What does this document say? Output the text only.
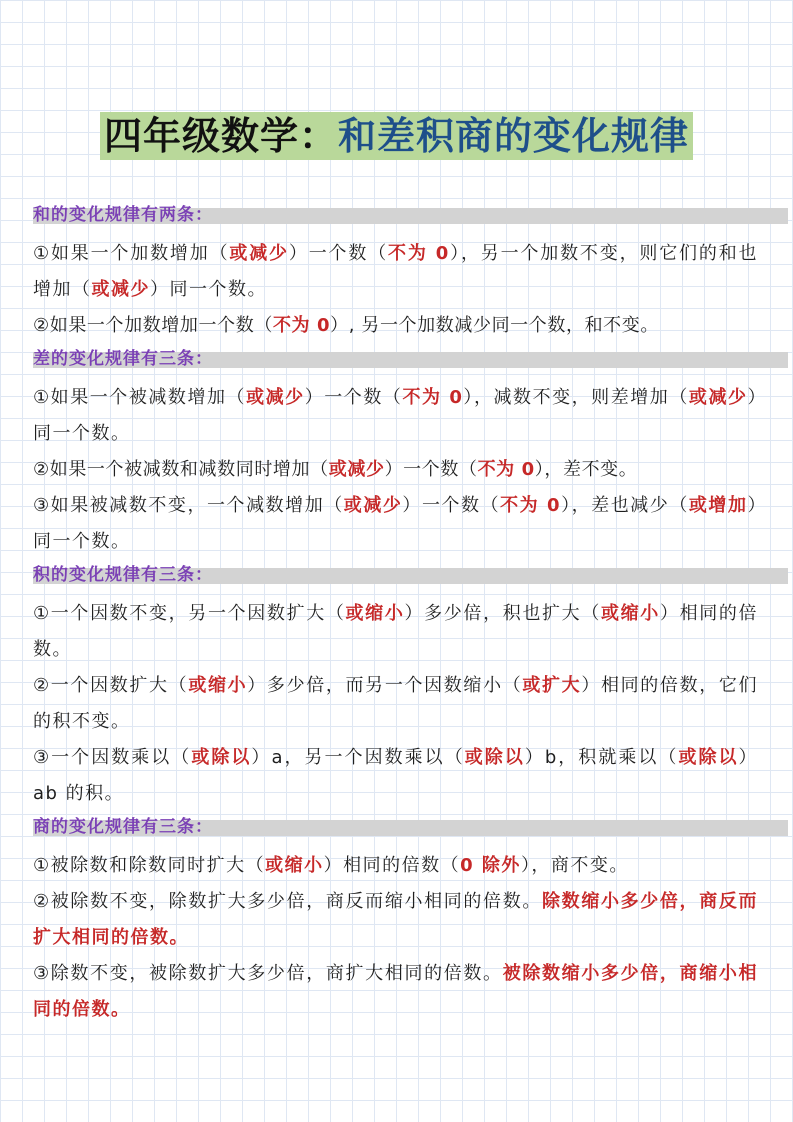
四年级数学：和差积商的变化规律
和的变化规律有两条：
①如果一个加数增加（或减少）一个数（不为 0），另一个加数不变，则它们的和也增加（或减少）同一个数。
②如果一个加数增加一个数（不为 0）, 另一个加数减少同一个数，和不变。
差的变化规律有三条：
①如果一个被减数增加（或减少）一个数（不为 0），减数不变，则差增加（或减少）同一个数。
②如果一个被减数和减数同时增加（或减少）一个数（不为 0），差不变。
③如果被减数不变，一个减数增加（或减少）一个数（不为 0），差也减少（或增加）同一个数。
积的变化规律有三条：
①一个因数不变，另一个因数扩大（或缩小）多少倍，积也扩大（或缩小）相同的倍数。
②一个因数扩大（或缩小）多少倍，而另一个因数缩小（或扩大）相同的倍数，它们的积不变。
③一个因数乘以（或除以）a，另一个因数乘以（或除以）b，积就乘以（或除以）ab 的积。
商的变化规律有三条：
①被除数和除数同时扩大（或缩小）相同的倍数（0 除外），商不变。
②被除数不变，除数扩大多少倍，商反而缩小相同的倍数。除数缩小多少倍，商反而扩大相同的倍数。
③除数不变，被除数扩大多少倍，商扩大相同的倍数。被除数缩小多少倍，商缩小相同的倍数。
